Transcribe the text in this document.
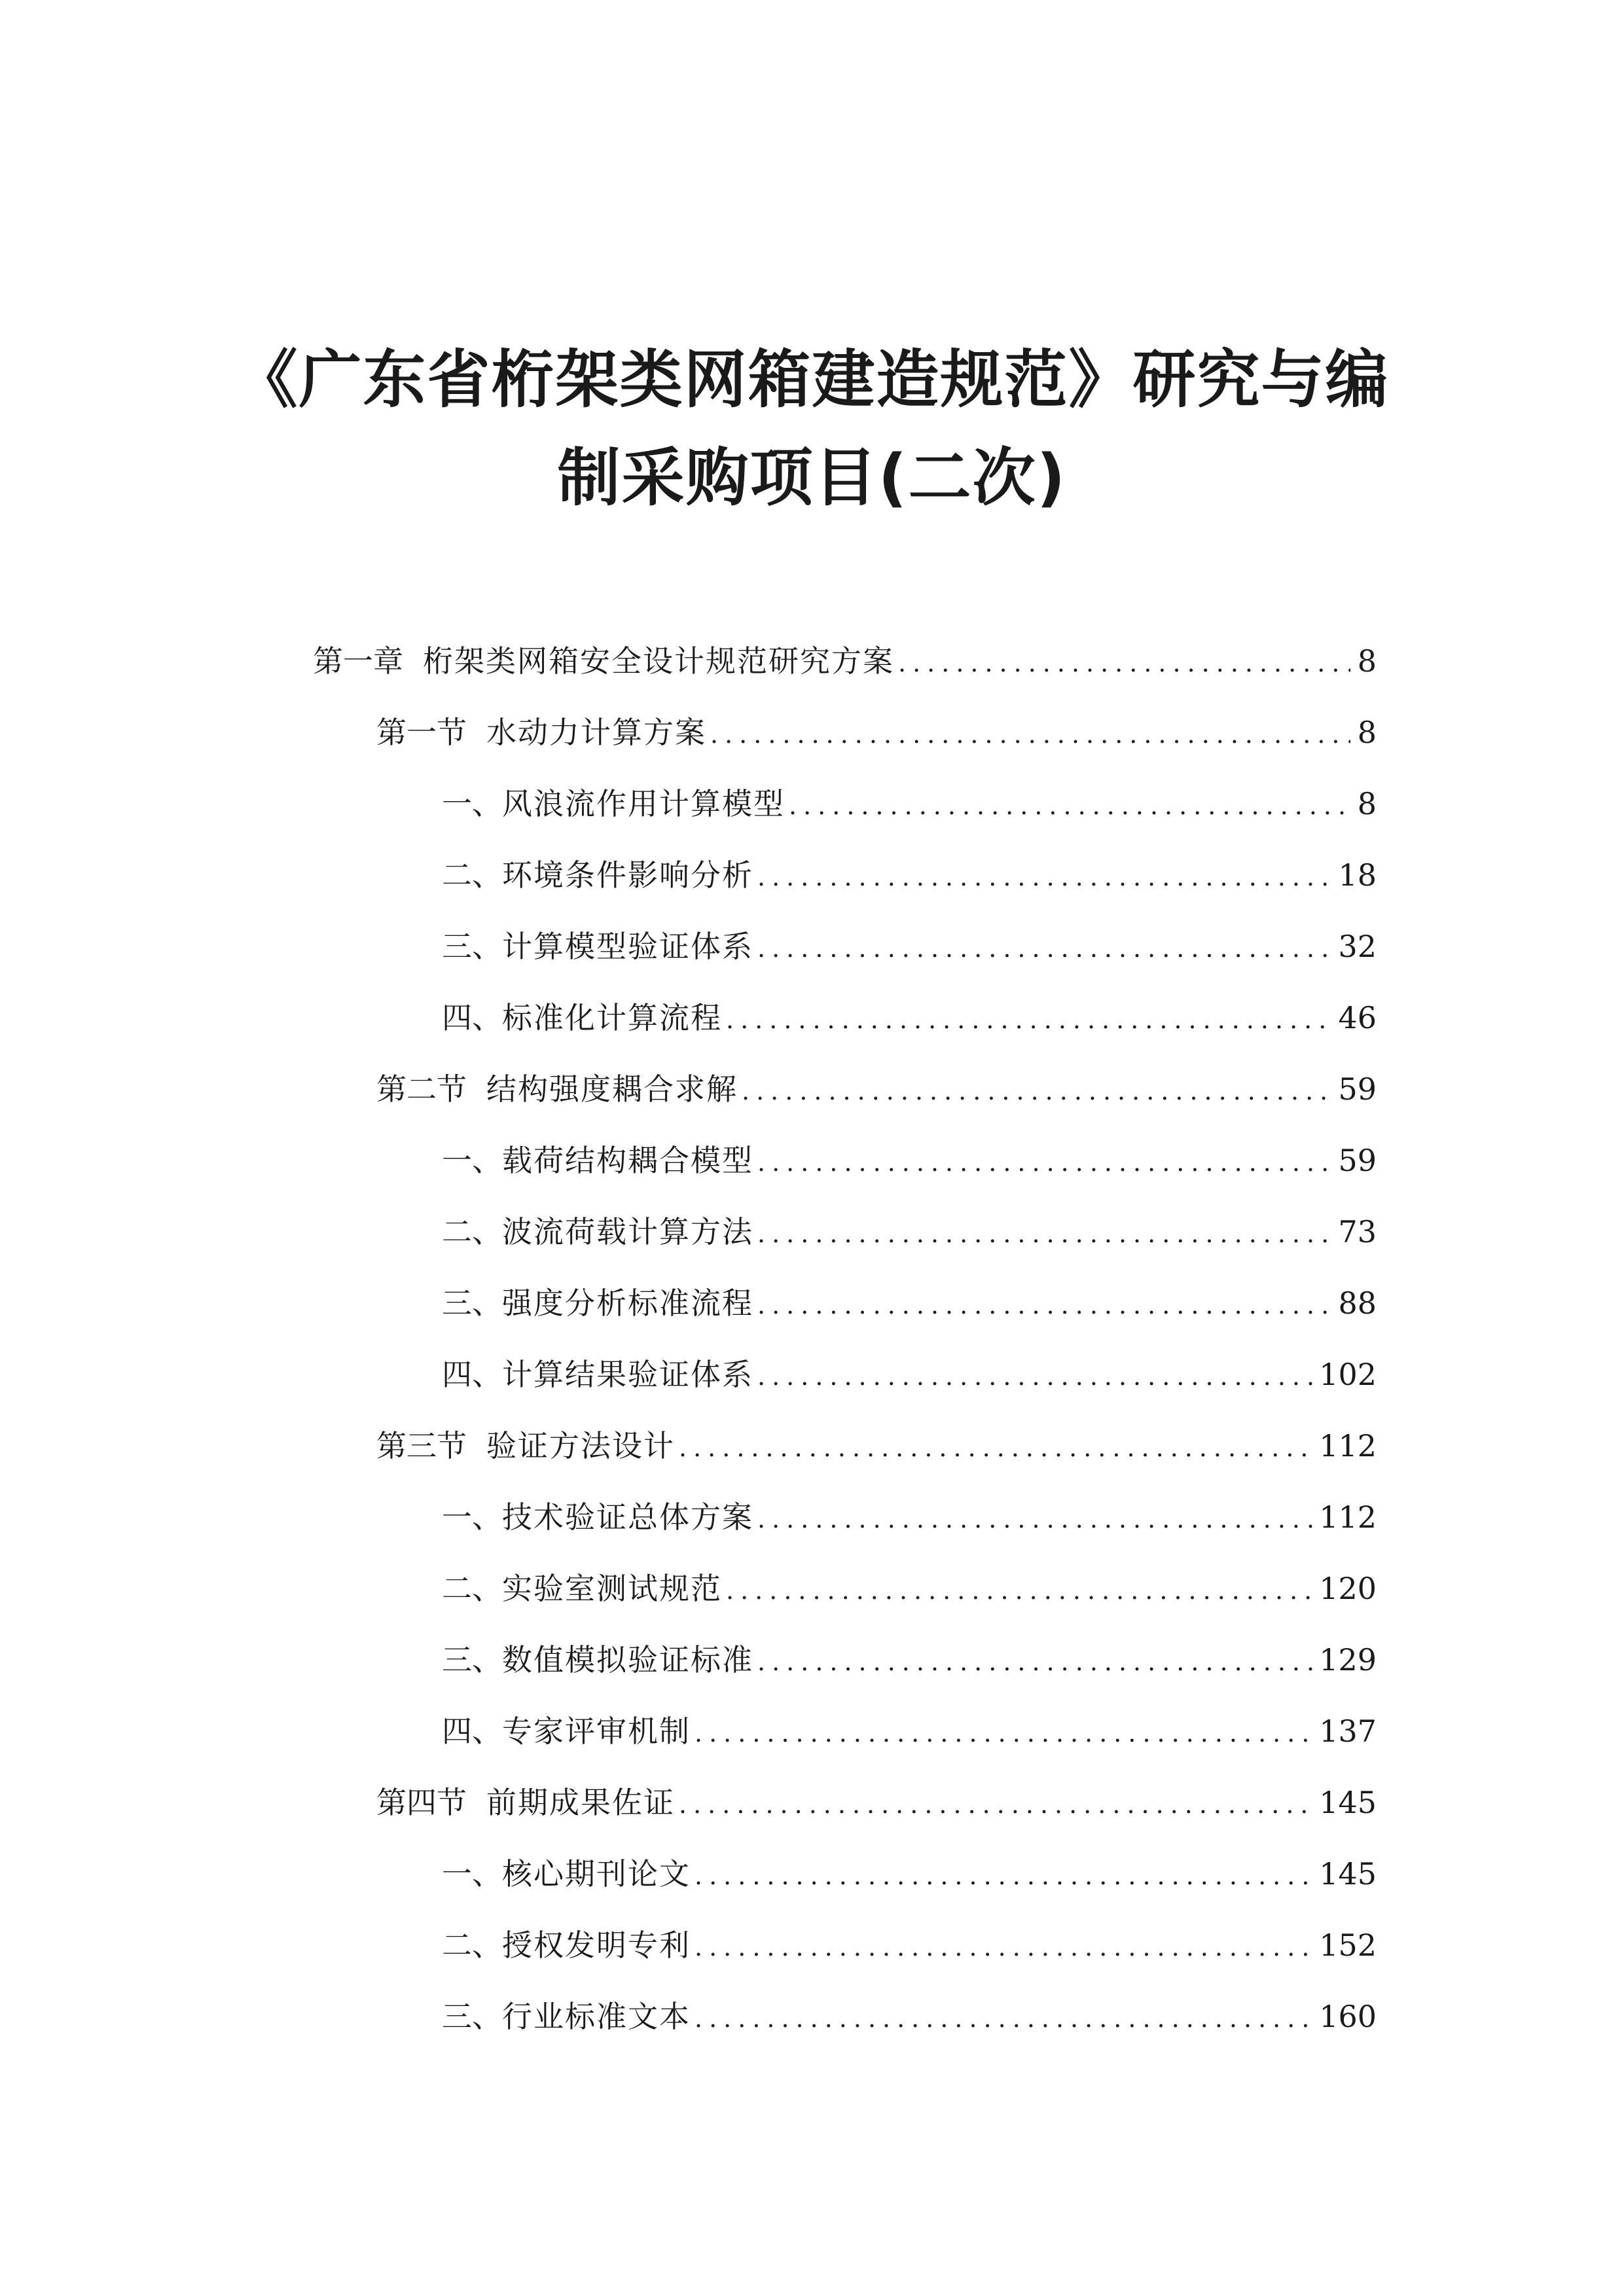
《广东省桁架类网箱建造规范》研究与编
制采购项目(二次)
第一章 桁架类网箱安全设计规范研究方案 .....	8
第一节 水动力计算方案 .....	8
一、 风浪流作用计算模型 .....	8
二、 环境条件影响分析 .....	18
三、 计算模型验证体系 .....	32
四、 标准化计算流程 .....	46
第二节 结构强度耦合求解 .....	59
一、 载荷结构耦合模型 .....	59
二、 波流荷载计算方法 .....	73
三、 强度分析标准流程 .....	88
四、 计算结果验证体系 .....	102
第三节 验证方法设计 .....	112
一、 技术验证总体方案 .....	112
二、 实验室测试规范 .....	120
三、 数值模拟验证标准 .....	129
四、 专家评审机制 .....	137
第四节 前期成果佐证 .....	145
一、 核心期刊论文 .....	145
二、 授权发明专利 .....	152
三、 行业标准文本 .....	160
